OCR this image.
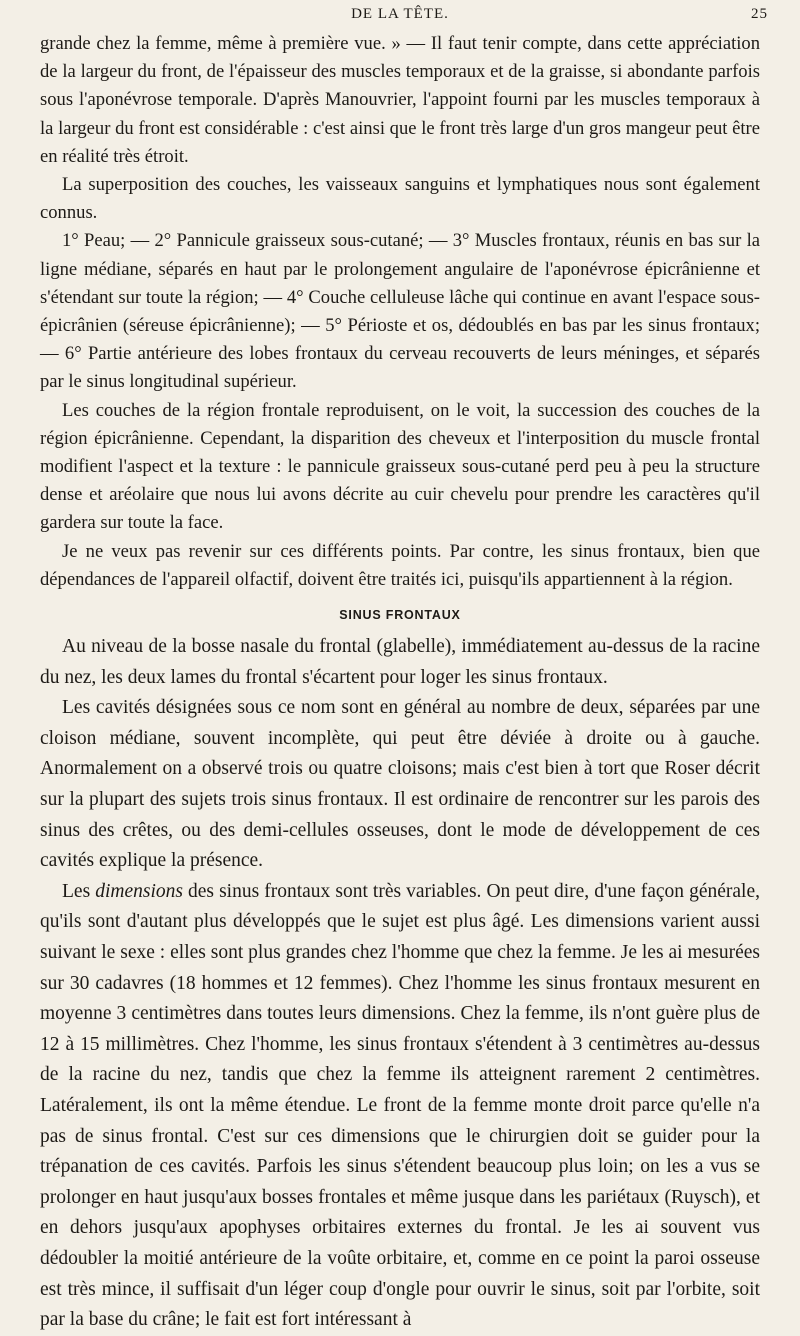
DE LA TÊTE.	25

grande chez la femme, même à première vue. » — Il faut tenir compte, dans cette appréciation de la largeur du front, de l'épaisseur des muscles temporaux et de la graisse, si abondante parfois sous l'aponévrose temporale. D'après Manouvrier, l'appoint fourni par les muscles temporaux à la largeur du front est considérable : c'est ainsi que le front très large d'un gros mangeur peut être en réalité très étroit.

La superposition des couches, les vaisseaux sanguins et lymphatiques nous sont également connus.

1° Peau; — 2° Pannicule graisseux sous-cutané; — 3° Muscles frontaux, réunis en bas sur la ligne médiane, séparés en haut par le prolongement angulaire de l'aponévrose épicrânienne et s'étendant sur toute la région; — 4° Couche celluleuse lâche qui continue en avant l'espace sous-épicrânien (séreuse épicrânienne); — 5° Périoste et os, dédoublés en bas par les sinus frontaux; — 6° Partie antérieure des lobes frontaux du cerveau recouverts de leurs méninges, et séparés par le sinus longitudinal supérieur.

Les couches de la région frontale reproduisent, on le voit, la succession des couches de la région épicrânienne. Cependant, la disparition des cheveux et l'interposition du muscle frontal modifient l'aspect et la texture : le pannicule graisseux sous-cutané perd peu à peu la structure dense et aréolaire que nous lui avons décrite au cuir chevelu pour prendre les caractères qu'il gardera sur toute la face.

Je ne veux pas revenir sur ces différents points. Par contre, les sinus frontaux, bien que dépendances de l'appareil olfactif, doivent être traités ici, puisqu'ils appartiennent à la région.

SINUS FRONTAUX

Au niveau de la bosse nasale du frontal (glabelle), immédiatement au-dessus de la racine du nez, les deux lames du frontal s'écartent pour loger les sinus frontaux.

Les cavités désignées sous ce nom sont en général au nombre de deux, séparées par une cloison médiane, souvent incomplète, qui peut être déviée à droite ou à gauche. Anormalement on a observé trois ou quatre cloisons; mais c'est bien à tort que Roser décrit sur la plupart des sujets trois sinus frontaux. Il est ordinaire de rencontrer sur les parois des sinus des crêtes, ou des demi-cellules osseuses, dont le mode de développement de ces cavités explique la présence.

Les dimensions des sinus frontaux sont très variables. On peut dire, d'une façon générale, qu'ils sont d'autant plus développés que le sujet est plus âgé. Les dimensions varient aussi suivant le sexe : elles sont plus grandes chez l'homme que chez la femme. Je les ai mesurées sur 30 cadavres (18 hommes et 12 femmes). Chez l'homme les sinus frontaux mesurent en moyenne 3 centimètres dans toutes leurs dimensions. Chez la femme, ils n'ont guère plus de 12 à 15 millimètres. Chez l'homme, les sinus frontaux s'étendent à 3 centimètres au-dessus de la racine du nez, tandis que chez la femme ils atteignent rarement 2 centimètres. Latéralement, ils ont la même étendue. Le front de la femme monte droit parce qu'elle n'a pas de sinus frontal. C'est sur ces dimensions que le chirurgien doit se guider pour la trépanation de ces cavités. Parfois les sinus s'étendent beaucoup plus loin; on les a vus se prolonger en haut jusqu'aux bosses frontales et même jusque dans les pariétaux (Ruysch), et en dehors jusqu'aux apophyses orbitaires externes du frontal. Je les ai souvent vus dédoubler la moitié antérieure de la voûte orbitaire, et, comme en ce point la paroi osseuse est très mince, il suffisait d'un léger coup d'ongle pour ouvrir le sinus, soit par l'orbite, soit par la base du crâne; le fait est fort intéressant à
